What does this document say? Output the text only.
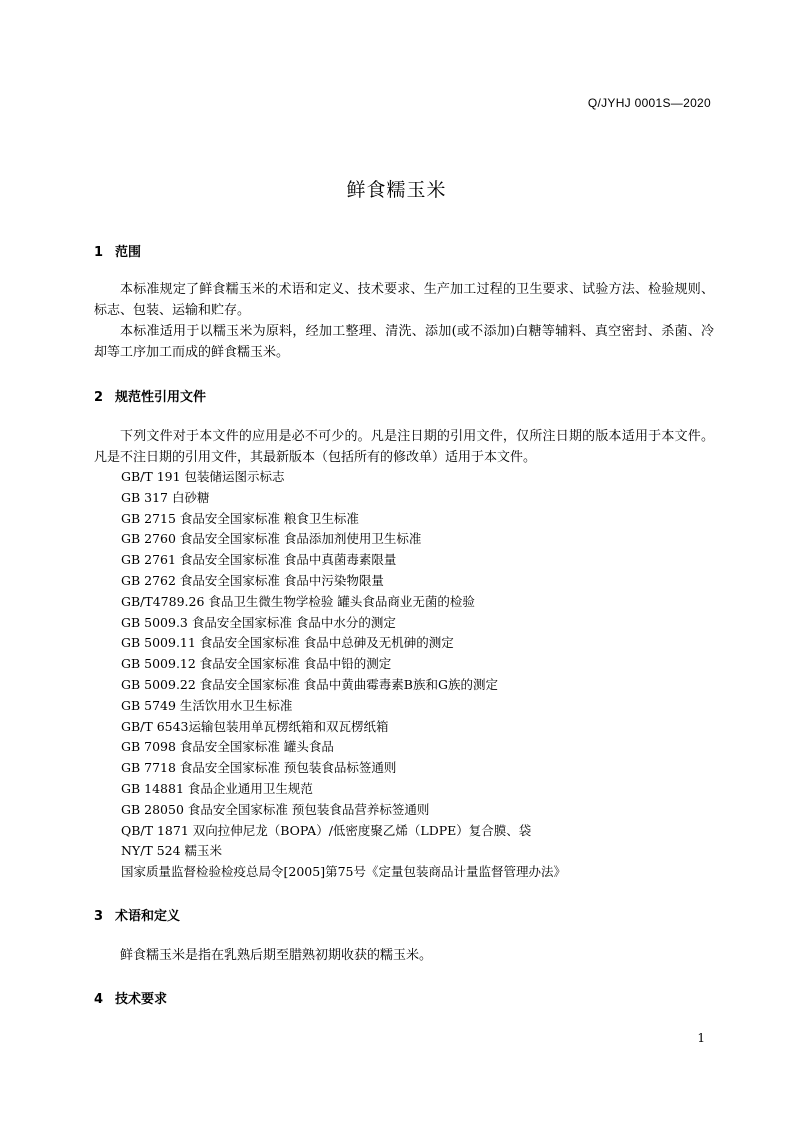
Q/JYHJ 0001S—2020
鲜食糯玉米
1 范围
本标准规定了鲜食糯玉米的术语和定义、技术要求、生产加工过程的卫生要求、试验方法、检验规则、标志、包装、运输和贮存。
本标准适用于以糯玉米为原料，经加工整理、清洗、添加(或不添加)白糖等辅料、真空密封、杀菌、冷却等工序加工而成的鲜食糯玉米。
2 规范性引用文件
下列文件对于本文件的应用是必不可少的。凡是注日期的引用文件，仅所注日期的版本适用于本文件。凡是不注日期的引用文件，其最新版本（包括所有的修改单）适用于本文件。
GB/T 191 包装储运图示标志
GB 317 白砂糖
GB 2715 食品安全国家标准 粮食卫生标准
GB 2760 食品安全国家标准 食品添加剂使用卫生标准
GB 2761 食品安全国家标准 食品中真菌毒素限量
GB 2762 食品安全国家标准 食品中污染物限量
GB/T4789.26 食品卫生微生物学检验 罐头食品商业无菌的检验
GB 5009.3 食品安全国家标准 食品中水分的测定
GB 5009.11 食品安全国家标准 食品中总砷及无机砷的测定
GB 5009.12 食品安全国家标准 食品中铅的测定
GB 5009.22 食品安全国家标准 食品中黄曲霉毒素B族和G族的测定
GB 5749 生活饮用水卫生标准
GB/T 6543运输包装用单瓦楞纸箱和双瓦楞纸箱
GB 7098 食品安全国家标准 罐头食品
GB 7718 食品安全国家标准 预包装食品标签通则
GB 14881 食品企业通用卫生规范
GB 28050 食品安全国家标准 预包装食品营养标签通则
QB/T 1871 双向拉伸尼龙（BOPA）/低密度聚乙烯（LDPE）复合膜、袋
NY/T 524 糯玉米
国家质量监督检验检疫总局令[2005]第75号《定量包装商品计量监督管理办法》
3 术语和定义
鲜食糯玉米是指在乳熟后期至腊熟初期收获的糯玉米。
4 技术要求
1
